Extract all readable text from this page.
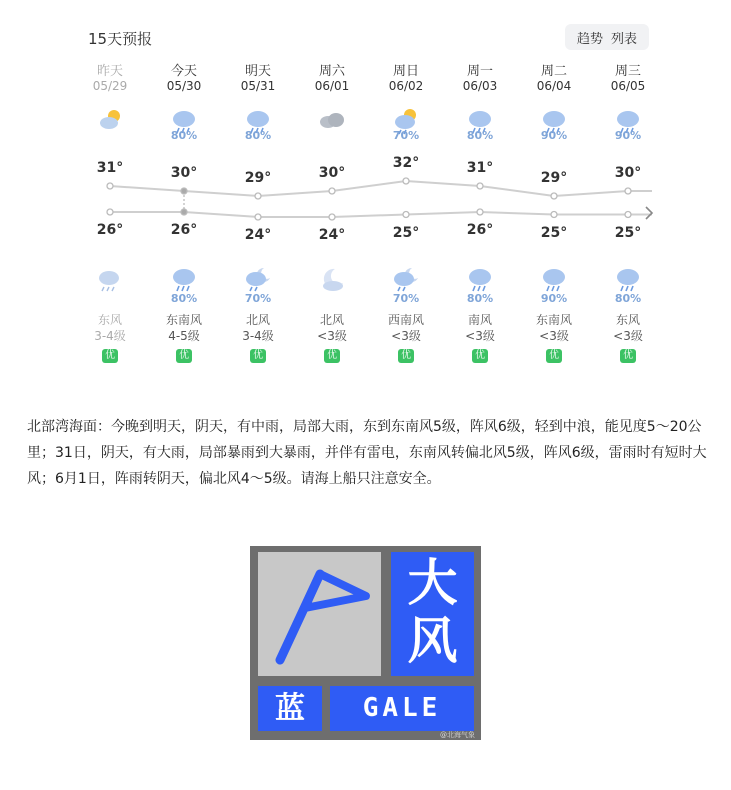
15天预报	趋势 列表
昨天
05/29
31°
26°
东风
3-4级
优
今天
05/30
80%
30°
26°
80%
东南风
4-5级
优
明天
05/31
80%
29°
24°
70%
北风
3-4级
优
周六
06/01
30°
24°
北风
<3级
优
周日
06/02
70%
32°
25°
70%
西南风
<3级
优
周一
06/03
80%
31°
26°
80%
南风
<3级
优
周二
06/04
90%
29°
25°
90%
东南风
<3级
优
周三
06/05
90%
30°
25°
80%
东风
<3级
优
北部湾海面：今晚到明天，阴天，有中雨，局部大雨，东到东南风5级，阵风6级，轻到中浪，能见度5～20公里；31日，阴天，有大雨，局部暴雨到大暴雨，并伴有雷电，东南风转偏北风5级，阵风6级，雷雨时有短时大风；6月1日，阵雨转阴天，偏北风4～5级。请海上船只注意安全。
大
风
蓝	GALE
@北海气象
